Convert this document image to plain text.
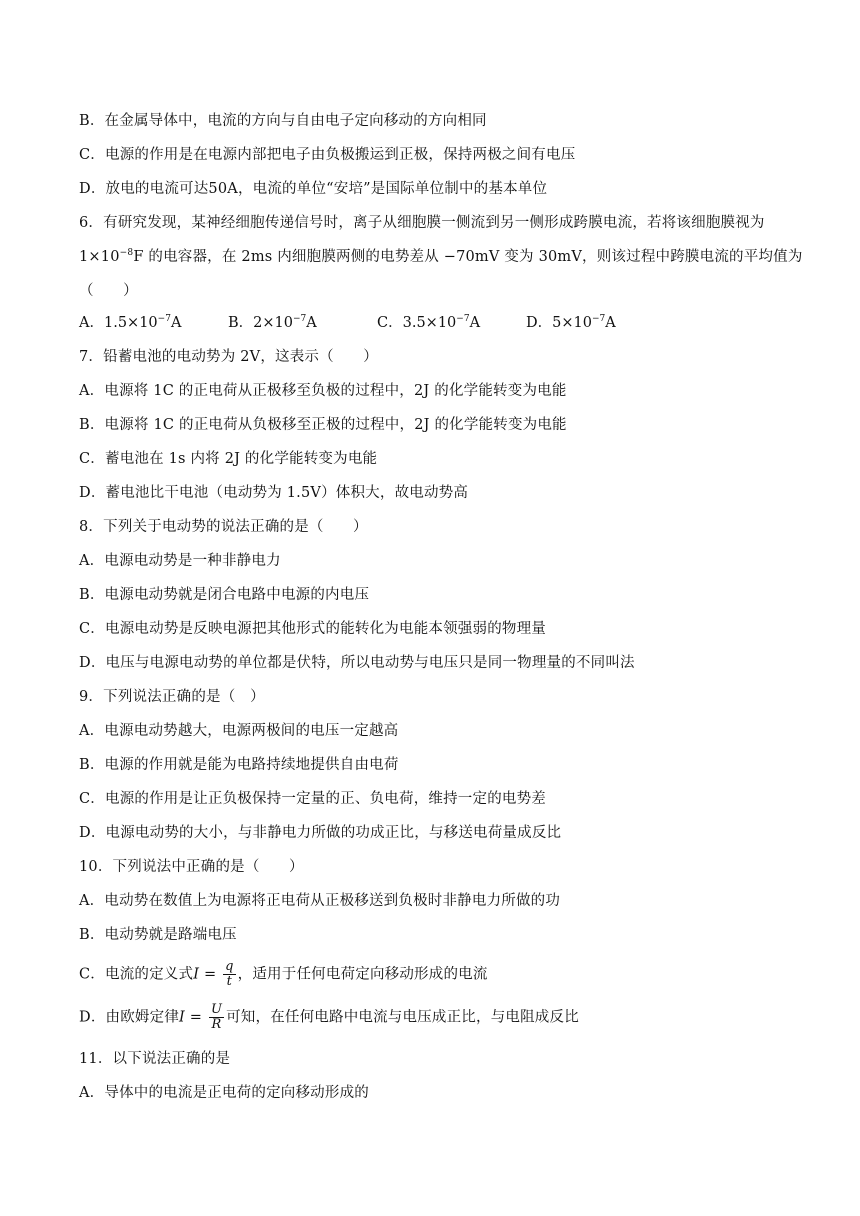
B．在金属导体中，电流的方向与自由电子定向移动的方向相同
C．电源的作用是在电源内部把电子由负极搬运到正极，保持两极之间有电压
D．放电的电流可达50A，电流的单位“安培”是国际单位制中的基本单位
6．有研究发现，某神经细胞传递信号时，离子从细胞膜一侧流到另一侧形成跨膜电流，若将该细胞膜视为
$1\times 10^{-8}F$ 的电容器，在 2ms 内细胞膜两侧的电势差从 −70mV 变为 30mV，则该过程中跨膜电流的平均值为
（　　）
A．$1.5\times 10^{-7}A$	B．$2\times 10^{-7}A$	C．$3.5\times 10^{-7}A$	D．$5\times 10^{-7}A$
7．铅蓄电池的电动势为 2V，这表示（　　）
A．电源将 1C 的正电荷从正极移至负极的过程中，2J 的化学能转变为电能
B．电源将 1C 的正电荷从负极移至正极的过程中，2J 的化学能转变为电能
C．蓄电池在 1s 内将 2J 的化学能转变为电能
D．蓄电池比干电池（电动势为 1.5V）体积大，故电动势高
8．下列关于电动势的说法正确的是（　　）
A．电源电动势是一种非静电力
B．电源电动势就是闭合电路中电源的内电压
C．电源电动势是反映电源把其他形式的能转化为电能本领强弱的物理量
D．电压与电源电动势的单位都是伏特，所以电动势与电压只是同一物理量的不同叫法
9．下列说法正确的是（　）
A．电源电动势越大，电源两极间的电压一定越高
B．电源的作用就是能为电路持续地提供自由电荷
C．电源的作用是让正负极保持一定量的正、负电荷，维持一定的电势差
D．电源电动势的大小，与非静电力所做的功成正比，与移送电荷量成反比
10．下列说法中正确的是（　　）
A．电动势在数值上为电源将正电荷从正极移送到负极时非静电力所做的功
B．电动势就是路端电压
C．电流的定义式$I = \frac{q}{t}$ ，适用于任何电荷定向移动形成的电流
D．由欧姆定律$I = \frac{U}{R}$ 可知，在任何电路中电流与电压成正比，与电阻成反比
11．以下说法正确的是
A．导体中的电流是正电荷的定向移动形成的
